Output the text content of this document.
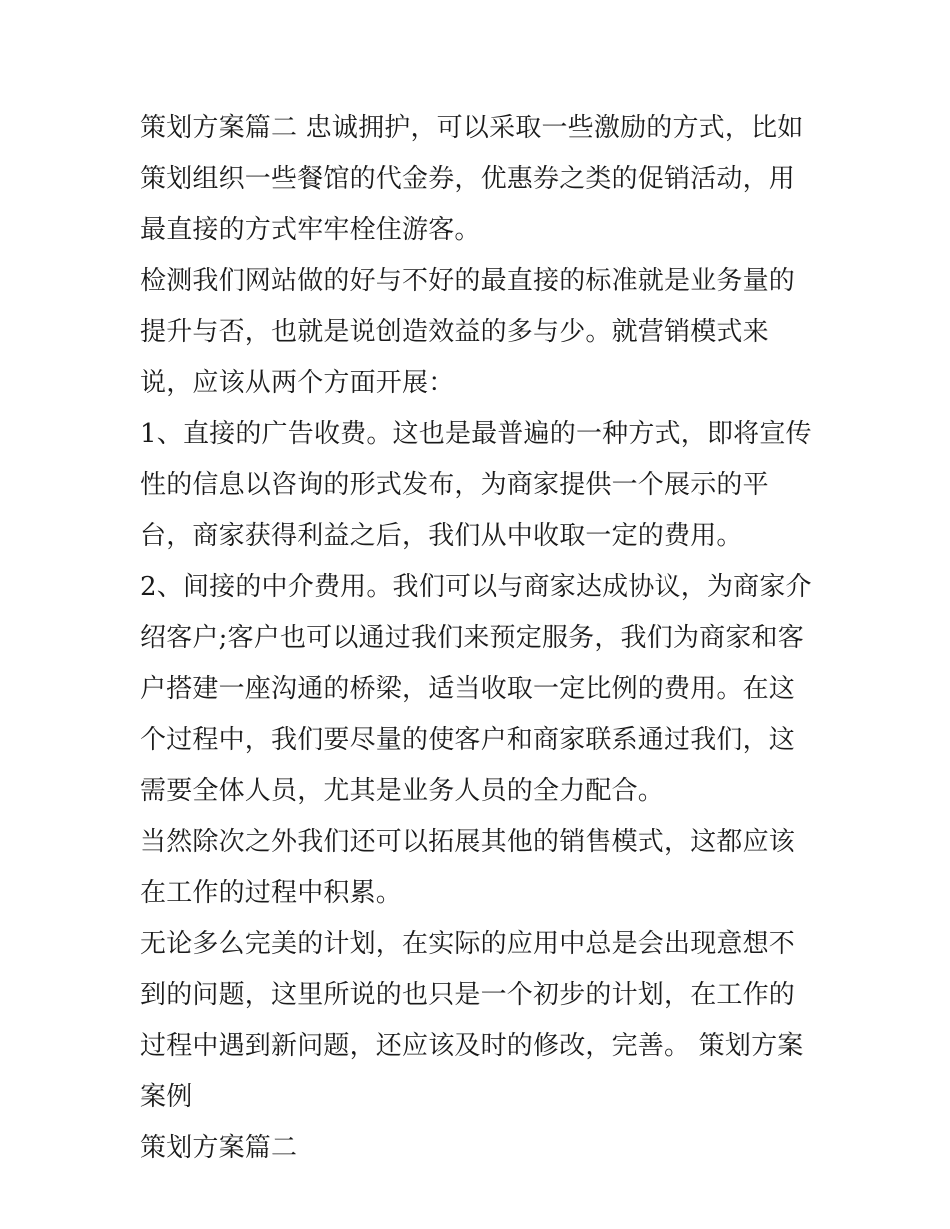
策划方案篇二 忠诚拥护，可以采取一些激励的方式，比如策划组织一些餐馆的代金券，优惠券之类的促销活动，用最直接的方式牢牢栓住游客。

检测我们网站做的好与不好的最直接的标准就是业务量的提升与否，也就是说创造效益的多与少。就营销模式来说，应该从两个方面开展：

1、直接的广告收费。这也是最普遍的一种方式，即将宣传性的信息以咨询的形式发布，为商家提供一个展示的平台，商家获得利益之后，我们从中收取一定的费用。

2、间接的中介费用。我们可以与商家达成协议，为商家介绍客户;客户也可以通过我们来预定服务，我们为商家和客户搭建一座沟通的桥梁，适当收取一定比例的费用。在这个过程中，我们要尽量的使客户和商家联系通过我们，这需要全体人员，尤其是业务人员的全力配合。

当然除次之外我们还可以拓展其他的销售模式，这都应该在工作的过程中积累。

无论多么完美的计划，在实际的应用中总是会出现意想不到的问题，这里所说的也只是一个初步的计划，在工作的过程中遇到新问题，还应该及时的修改，完善。 策划方案案例

策划方案篇二
